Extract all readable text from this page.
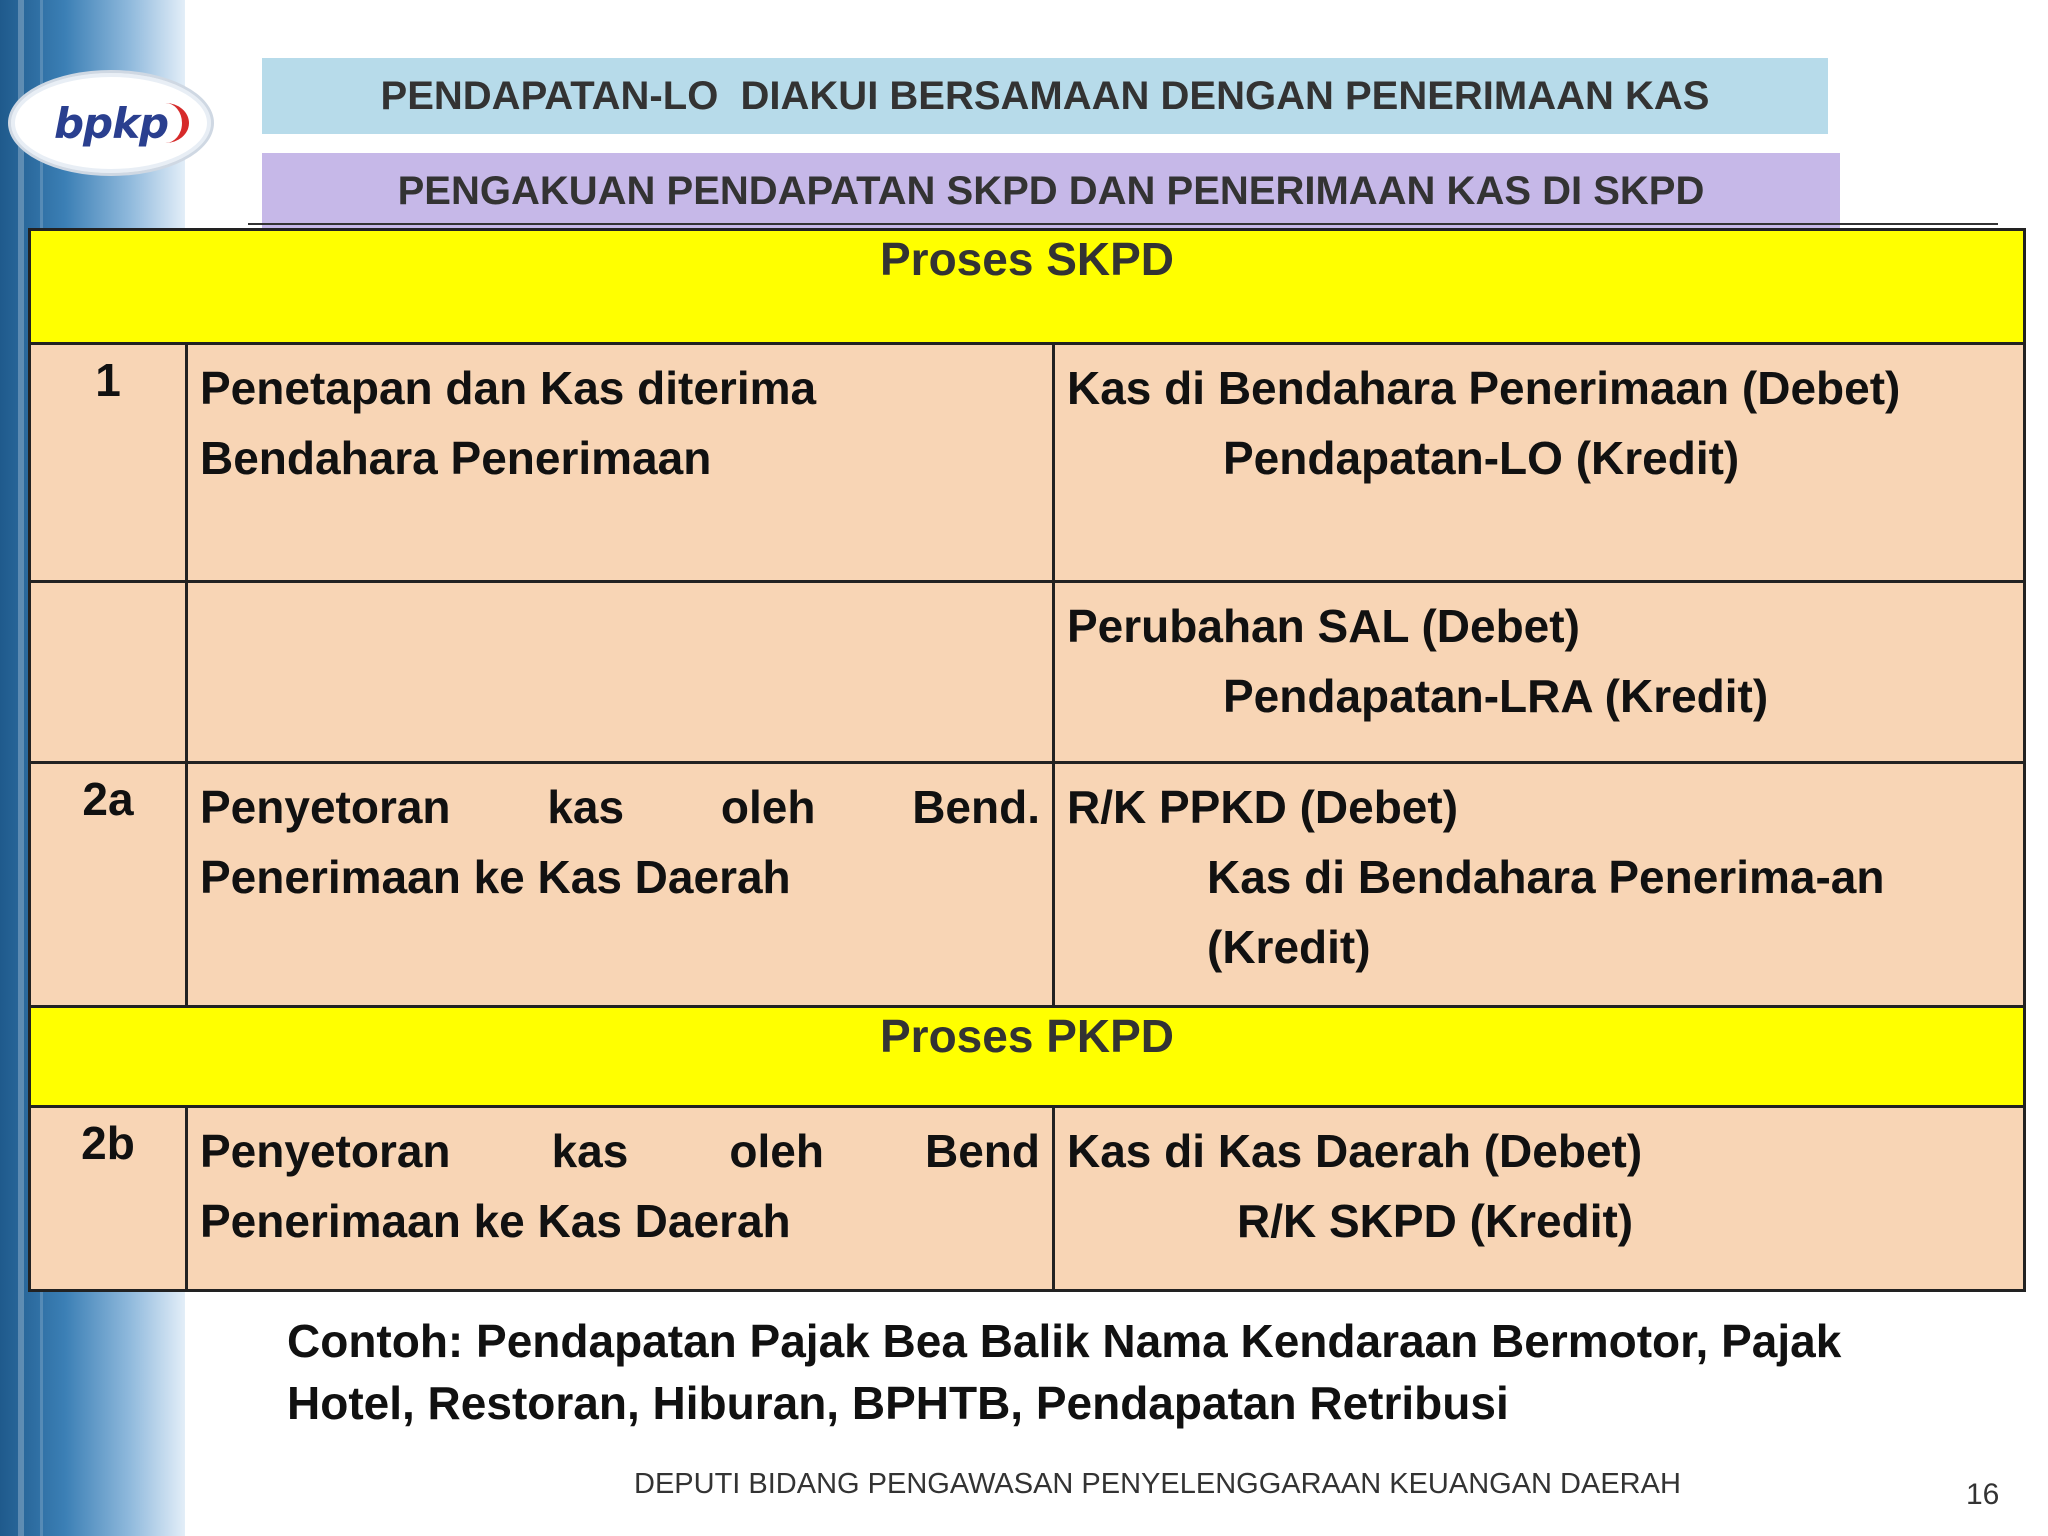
bpkp
PENDAPATAN-LO  DIAKUI BERSAMAAN DENGAN PENERIMAAN KAS
PENGAKUAN PENDAPATAN SKPD DAN PENERIMAAN KAS DI SKPD
Proses SKPD		
1	Penetapan dan Kas diterima Bendahara Penerimaan	Kas di Bendahara Penerimaan (Debet)
Pendapatan-LO (Kredit)

		Perubahan SAL (Debet)
Pendapatan-LRA (Kredit)

2a	Penyetoran kas oleh Bend. Penerimaan ke Kas Daerah	R/K PPKD (Debet)
Kas di Bendahara Penerima-an (Kredit)

Proses PKPD		
2b	Penyetoran kas oleh Bend Penerimaan ke Kas Daerah	Kas di Kas Daerah (Debet)
R/K SKPD (Kredit)
Contoh: Pendapatan Pajak Bea Balik Nama Kendaraan Bermotor, Pajak Hotel, Restoran, Hiburan, BPHTB, Pendapatan Retribusi
DEPUTI BIDANG PENGAWASAN PENYELENGGARAAN KEUANGAN DAERAH	16
